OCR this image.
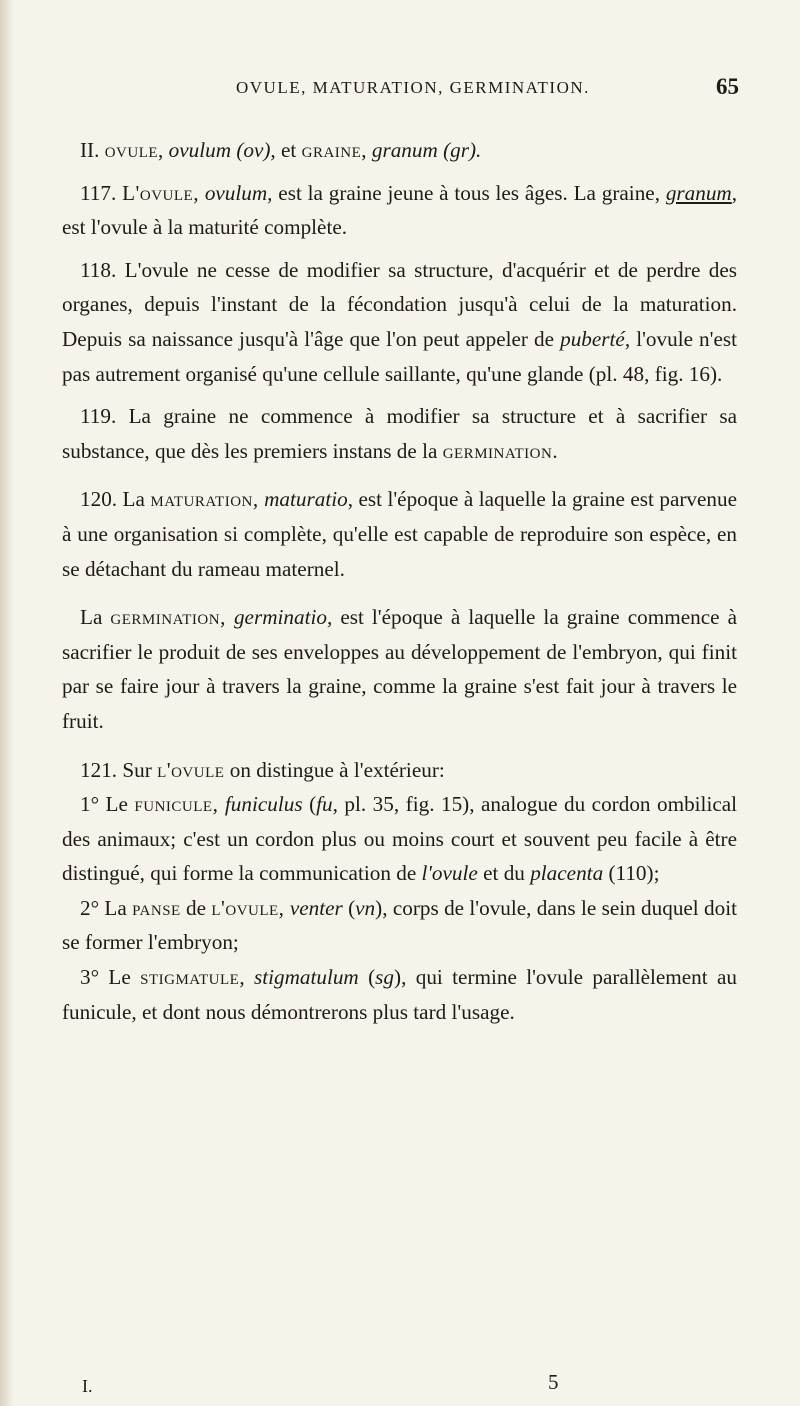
OVULE, MATURATION, GERMINATION.	65

II. ovule, ovulum (ov), et graine, granum (gr).

117. L'ovule, ovulum, est la graine jeune à tous les âges. La graine, granum, est l'ovule à la maturité complète.

118. L'ovule ne cesse de modifier sa structure, d'acquérir et de perdre des organes, depuis l'instant de la fécondation jusqu'à celui de la maturation. Depuis sa naissance jusqu'à l'âge que l'on peut appeler de puberté, l'ovule n'est pas autrement organisé qu'une cellule saillante, qu'une glande (pl. 48, fig. 16).

119. La graine ne commence à modifier sa structure et à sacrifier sa substance, que dès les premiers instans de la germination.

120. La maturation, maturatio, est l'époque à laquelle la graine est parvenue à une organisation si complète, qu'elle est capable de reproduire son espèce, en se détachant du rameau maternel.

La germination, germinatio, est l'époque à laquelle la graine commence à sacrifier le produit de ses enveloppes au développement de l'embryon, qui finit par se faire jour à travers la graine, comme la graine s'est fait jour à travers le fruit.

121. Sur l'ovule on distingue à l'extérieur:

1° Le funicule, funiculus (fu, pl. 35, fig. 15), analogue du cordon ombilical des animaux; c'est un cordon plus ou moins court et souvent peu facile à être distingué, qui forme la communication de l'ovule et du placenta (110);

2° La panse de l'ovule, venter (vn), corps de l'ovule, dans le sein duquel doit se former l'embryon;

3° Le stigmatule, stigmatulum (sg), qui termine l'ovule parallèlement au funicule, et dont nous démontrerons plus tard l'usage.

I.	5
